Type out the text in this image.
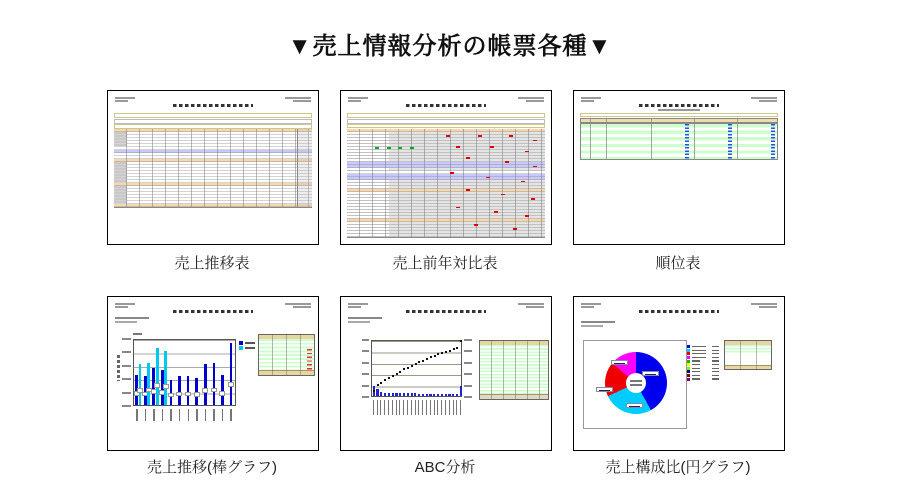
▼売上情報分析の帳票各種▼
売上推移表	売上前年対比表	順位表
売上推移(棒グラフ)	ABC分析	売上構成比(円グラフ)
